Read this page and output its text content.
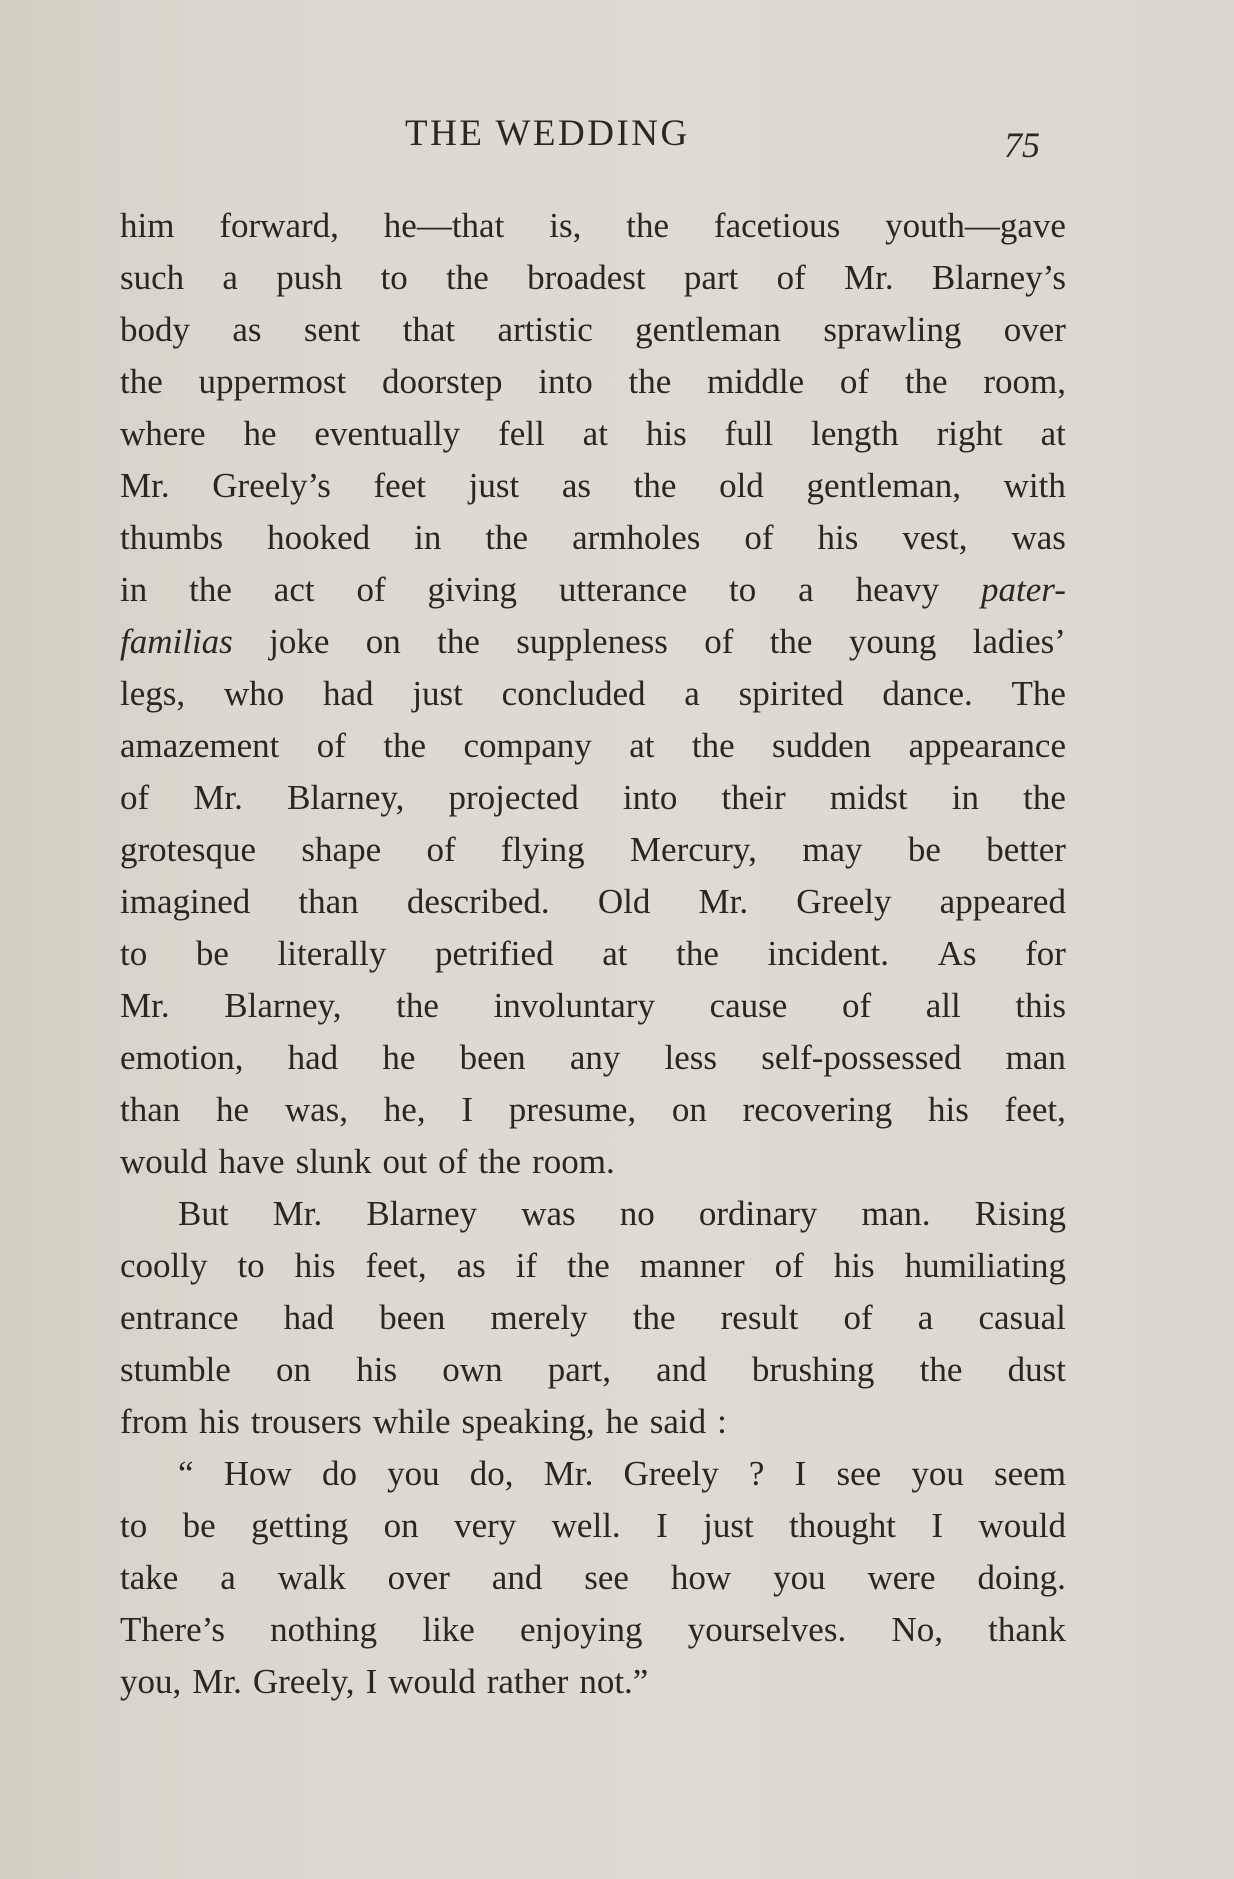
THE WEDDING	75
him forward, he—that is, the facetious youth—gave
such a push to the broadest part of Mr. Blarney’s
body as sent that artistic gentleman sprawling over
the uppermost doorstep into the middle of the room,
where he eventually fell at his full length right at
Mr. Greely’s feet just as the old gentleman, with
thumbs hooked in the armholes of his vest, was
in the act of giving utterance to a heavy pater-
familias joke on the suppleness of the young ladies’
legs, who had just concluded a spirited dance. The
amazement of the company at the sudden appearance
of Mr. Blarney, projected into their midst in the
grotesque shape of flying Mercury, may be better
imagined than described. Old Mr. Greely appeared
to be literally petrified at the incident. As for
Mr. Blarney, the involuntary cause of all this
emotion, had he been any less self-possessed man
than he was, he, I presume, on recovering his feet,
would have slunk out of the room.
But Mr. Blarney was no ordinary man. Rising
coolly to his feet, as if the manner of his humiliating
entrance had been merely the result of a casual
stumble on his own part, and brushing the dust
from his trousers while speaking, he said :
“ How do you do, Mr. Greely ? I see you seem
to be getting on very well. I just thought I would
take a walk over and see how you were doing.
There’s nothing like enjoying yourselves. No, thank
you, Mr. Greely, I would rather not.”
